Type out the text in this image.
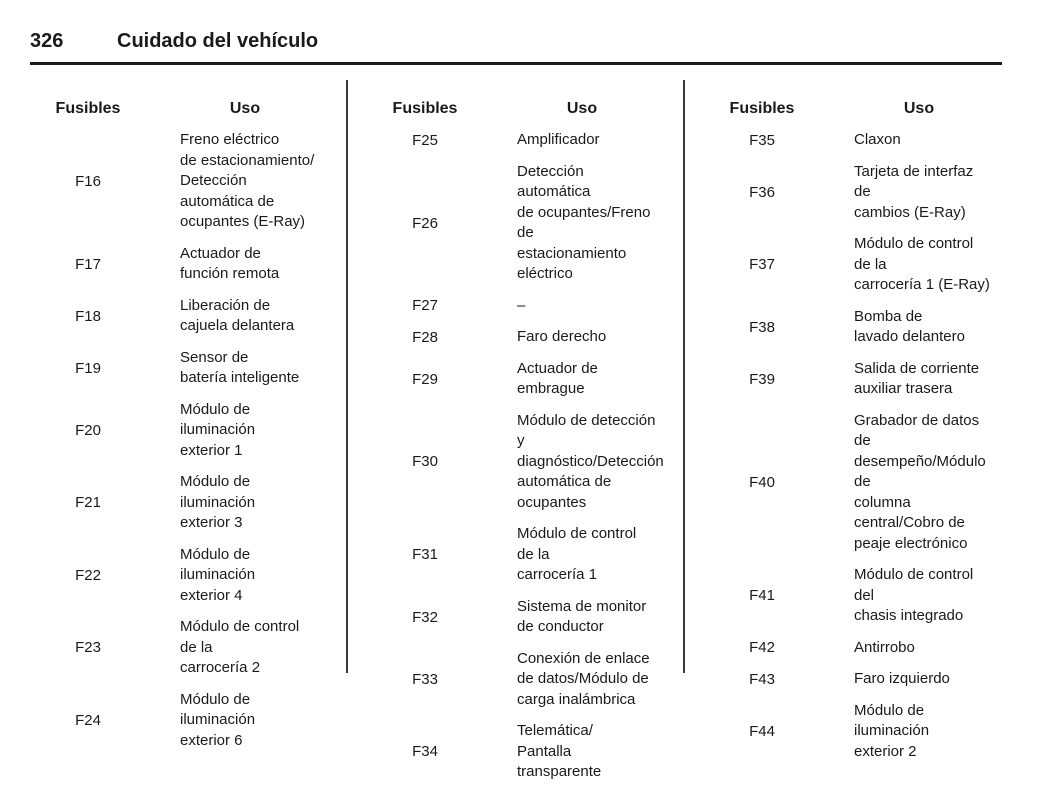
326	Cuidado del vehículo
Fusibles	Uso
F16
Freno eléctrico
de estacionamiento/
Detección automática de
ocupantes (E-Ray)
F17
Actuador de
función remota
F18
Liberación de
cajuela delantera
F19
Sensor de
batería inteligente
F20
Módulo de iluminación
exterior 1
F21
Módulo de iluminación
exterior 3
F22
Módulo de iluminación
exterior 4
F23
Módulo de control de la
carrocería 2
F24
Módulo de iluminación
exterior 6
Fusibles	Uso
F25	Amplificador
F26
Detección automática
de ocupantes/Freno de
estacionamiento eléctrico
F27	–
F28	Faro derecho
F29
Actuador de embrague
F30
Módulo de detección
y diagnóstico/Detección
automática de ocupantes
F31
Módulo de control de la
carrocería 1
F32
Sistema de monitor
de conductor
F33
Conexión de enlace
de datos/Módulo de
carga inalámbrica
F34
Telemática/
Pantalla transparente
Fusibles	Uso
F35	Claxon
F36
Tarjeta de interfaz de
cambios (E-Ray)
F37
Módulo de control de la
carrocería 1 (E-Ray)
F38
Bomba de
lavado delantero
F39
Salida de corriente
auxiliar trasera
F40
Grabador de datos de
desempeño/Módulo de
columna central/Cobro de
peaje electrónico
F41
Módulo de control del
chasis integrado
F42	Antirrobo
F43	Faro izquierdo
F44
Módulo de iluminación
exterior 2
